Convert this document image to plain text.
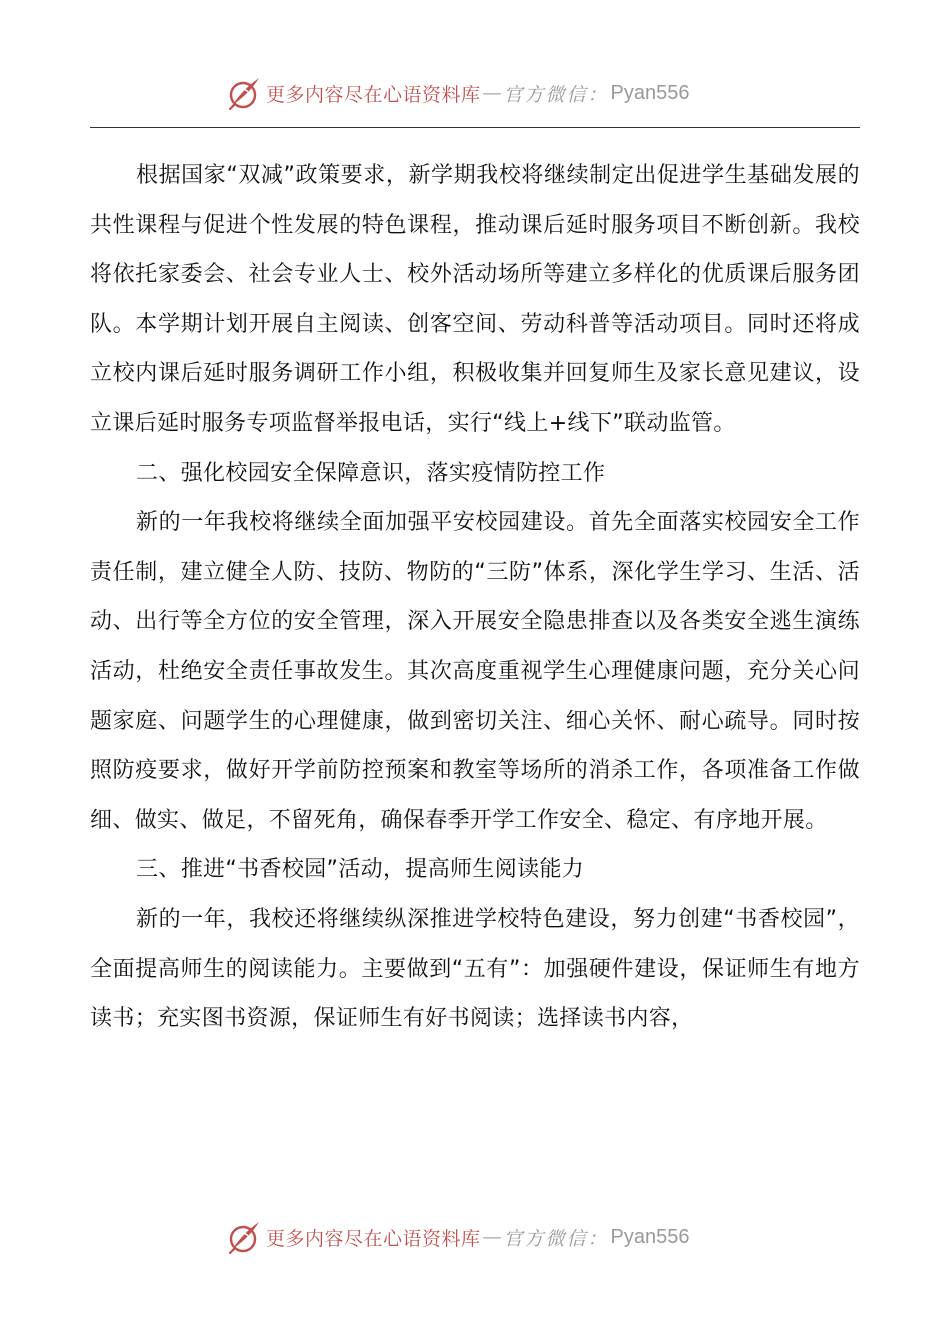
更多内容尽在心语资料库 — 官方微信： Pyan556

根据国家“双减”政策要求，新学期我校将继续制定出促进学生基础发展的共性课程与促进个性发展的特色课程，推动课后延时服务项目不断创新。我校将依托家委会、社会专业人士、校外活动场所等建立多样化的优质课后服务团队。本学期计划开展自主阅读、创客空间、劳动科普等活动项目。同时还将成立校内课后延时服务调研工作小组，积极收集并回复师生及家长意见建议，设立课后延时服务专项监督举报电话，实行“线上+线下”联动监管。

二、强化校园安全保障意识，落实疫情防控工作

新的一年我校将继续全面加强平安校园建设。首先全面落实校园安全工作责任制，建立健全人防、技防、物防的“三防”体系，深化学生学习、生活、活动、出行等全方位的安全管理，深入开展安全隐患排查以及各类安全逃生演练活动，杜绝安全责任事故发生。其次高度重视学生心理健康问题，充分关心问题家庭、问题学生的心理健康，做到密切关注、细心关怀、耐心疏导。同时按照防疫要求，做好开学前防控预案和教室等场所的消杀工作，各项准备工作做细、做实、做足，不留死角，确保春季开学工作安全、稳定、有序地开展。

三、推进“书香校园”活动，提高师生阅读能力

新的一年，我校还将继续纵深推进学校特色建设，努力创建“书香校园”，全面提高师生的阅读能力。主要做到“五有”：加强硬件建设，保证师生有地方读书；充实图书资源，保证师生有好书阅读；选择读书内容，

更多内容尽在心语资料库 — 官方微信： Pyan556
